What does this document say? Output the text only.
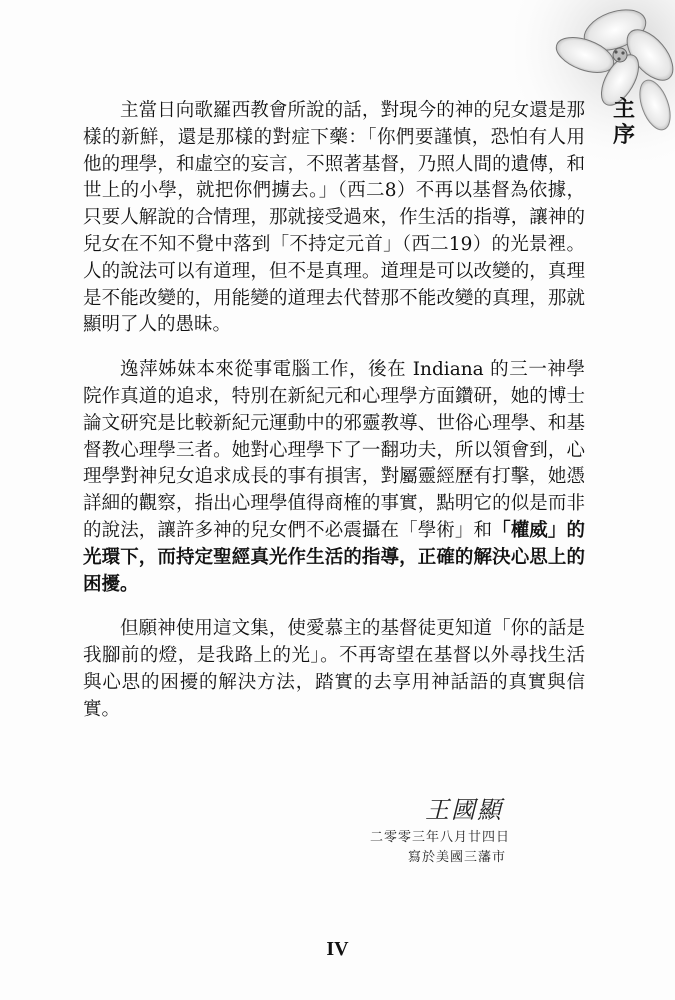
主序

主當日向歌羅西教會所說的話，對現今的神的兒女還是那樣的新鮮，還是那樣的對症下藥：「你們要謹慎，恐怕有人用他的理學，和虛空的妄言，不照著基督，乃照人間的遺傳，和世上的小學，就把你們擄去。」（西二8）不再以基督為依據，只要人解說的合情理，那就接受過來，作生活的指導，讓神的兒女在不知不覺中落到「不持定元首」（西二19）的光景裡。人的說法可以有道理，但不是真理。道理是可以改變的，真理是不能改變的，用能變的道理去代替那不能改變的真理，那就顯明了人的愚昧。

逸萍姊妹本來從事電腦工作，後在 Indiana 的三一神學院作真道的追求，特別在新紀元和心理學方面鑽研，她的博士論文研究是比較新紀元運動中的邪靈教導、世俗心理學、和基督教心理學三者。她對心理學下了一翻功夫，所以領會到，心理學對神兒女追求成長的事有損害，對屬靈經歷有打擊，她憑詳細的觀察，指出心理學值得商榷的事實，點明它的似是而非的說法，讓許多神的兒女們不必震攝在「學術」和「權威」的光環下，而持定聖經真光作生活的指導，正確的解決心思上的困擾。

但願神使用這文集，使愛慕主的基督徒更知道「你的話是我腳前的燈，是我路上的光」。不再寄望在基督以外尋找生活與心思的困擾的解決方法，踏實的去享用神話語的真實與信實。

王國顯
二零零三年八月廿四日
寫於美國三藩市
IV
